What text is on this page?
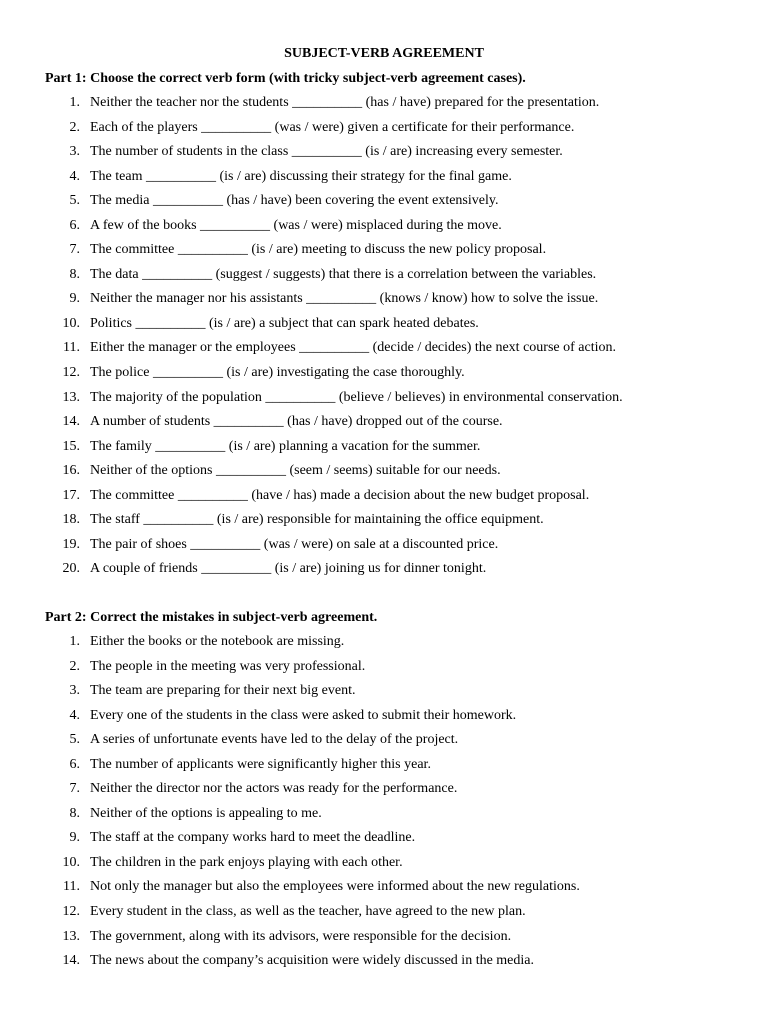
SUBJECT-VERB AGREEMENT
Part 1: Choose the correct verb form (with tricky subject-verb agreement cases).
1. Neither the teacher nor the students __________ (has / have) prepared for the presentation.
2. Each of the players __________ (was / were) given a certificate for their performance.
3. The number of students in the class __________ (is / are) increasing every semester.
4. The team __________ (is / are) discussing their strategy for the final game.
5. The media __________ (has / have) been covering the event extensively.
6. A few of the books __________ (was / were) misplaced during the move.
7. The committee __________ (is / are) meeting to discuss the new policy proposal.
8. The data __________ (suggest / suggests) that there is a correlation between the variables.
9. Neither the manager nor his assistants __________ (knows / know) how to solve the issue.
10. Politics __________ (is / are) a subject that can spark heated debates.
11. Either the manager or the employees __________ (decide / decides) the next course of action.
12. The police __________ (is / are) investigating the case thoroughly.
13. The majority of the population __________ (believe / believes) in environmental conservation.
14. A number of students __________ (has / have) dropped out of the course.
15. The family __________ (is / are) planning a vacation for the summer.
16. Neither of the options __________ (seem / seems) suitable for our needs.
17. The committee __________ (have / has) made a decision about the new budget proposal.
18. The staff __________ (is / are) responsible for maintaining the office equipment.
19. The pair of shoes __________ (was / were) on sale at a discounted price.
20. A couple of friends __________ (is / are) joining us for dinner tonight.
Part 2: Correct the mistakes in subject-verb agreement.
1. Either the books or the notebook are missing.
2. The people in the meeting was very professional.
3. The team are preparing for their next big event.
4. Every one of the students in the class were asked to submit their homework.
5. A series of unfortunate events have led to the delay of the project.
6. The number of applicants were significantly higher this year.
7. Neither the director nor the actors was ready for the performance.
8. Neither of the options is appealing to me.
9. The staff at the company works hard to meet the deadline.
10. The children in the park enjoys playing with each other.
11. Not only the manager but also the employees were informed about the new regulations.
12. Every student in the class, as well as the teacher, have agreed to the new plan.
13. The government, along with its advisors, were responsible for the decision.
14. The news about the company’s acquisition were widely discussed in the media.
